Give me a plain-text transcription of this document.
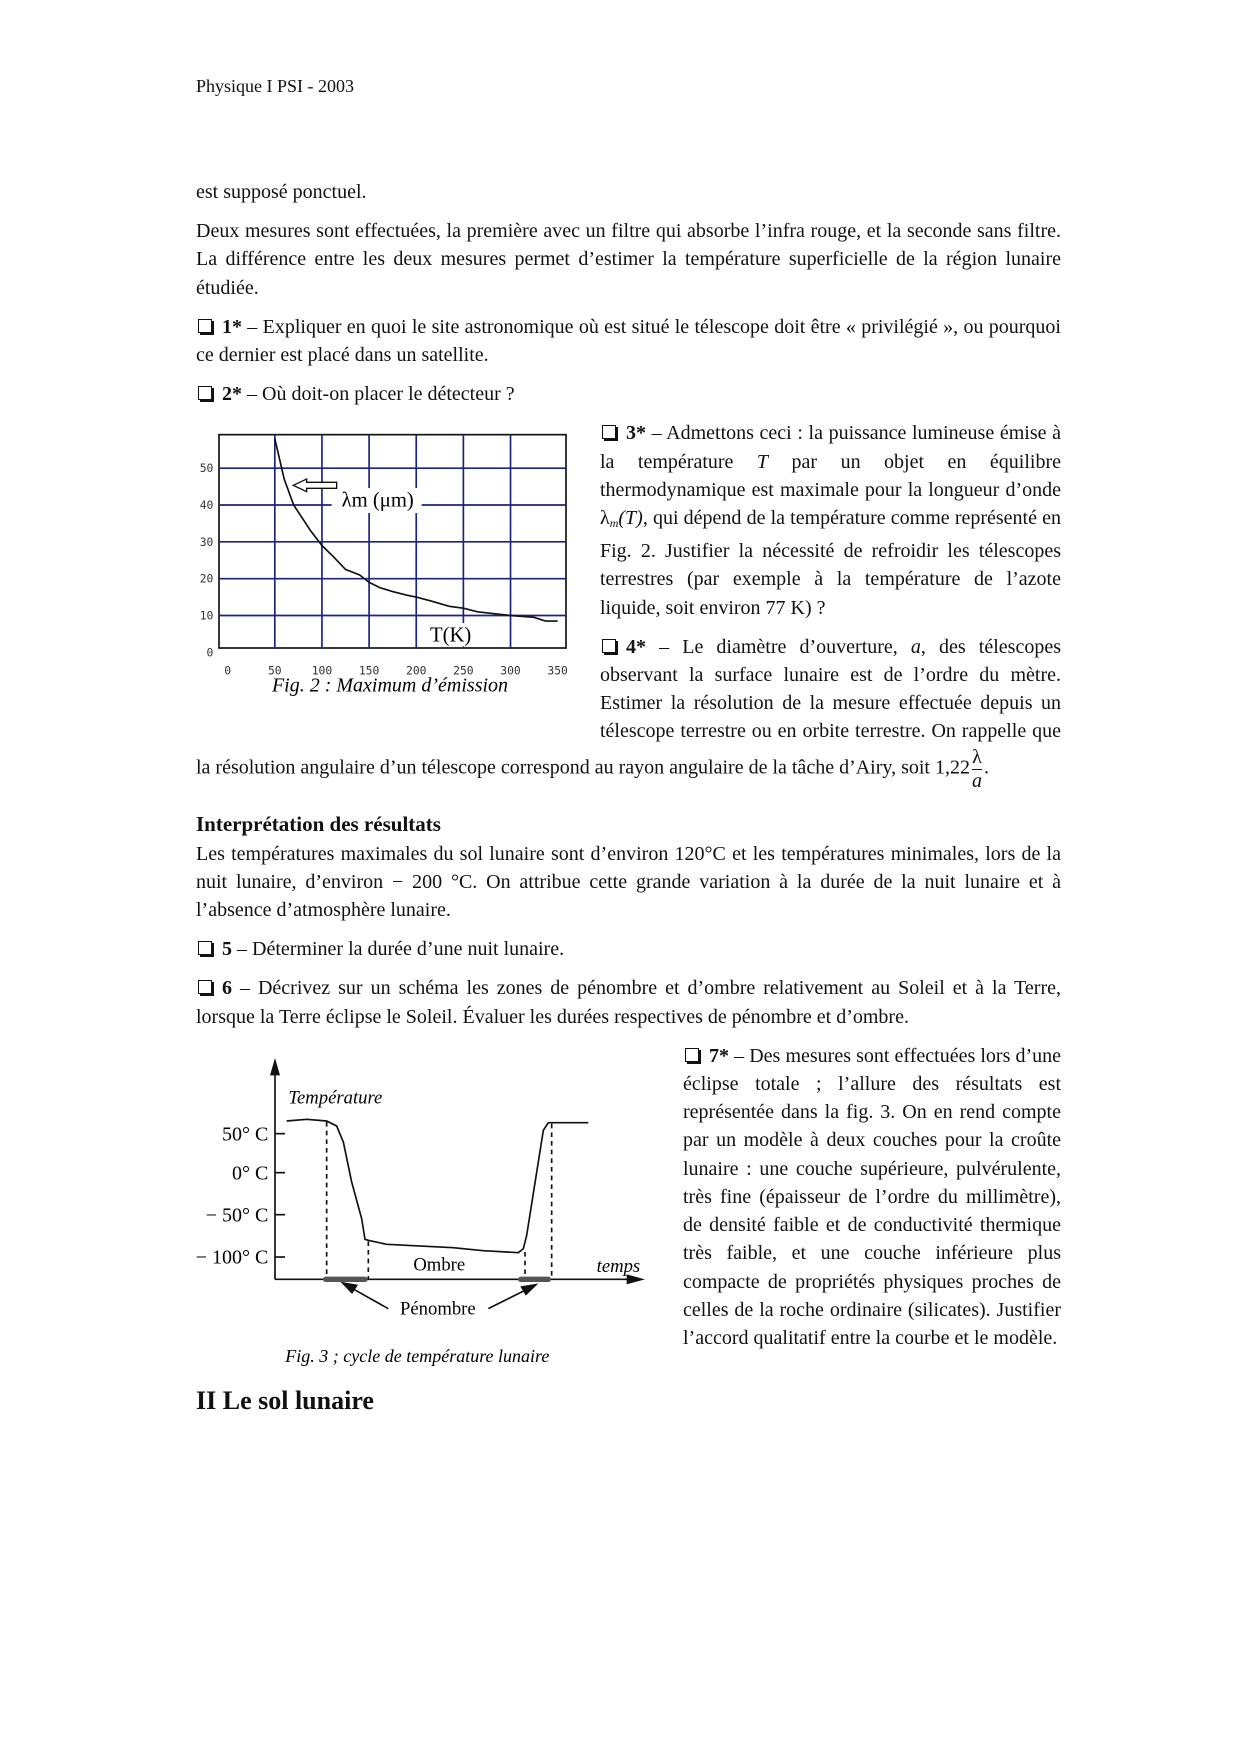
Physique I PSI - 2003

est supposé ponctuel.

Deux mesures sont effectuées, la première avec un filtre qui absorbe l’infra rouge, et la seconde sans filtre. La différence entre les deux mesures permet d’estimer la température superficielle de la région lunaire étudiée.

1* – Expliquer en quoi le site astronomique où est situé le télescope doit être « privilégié », ou pourquoi ce dernier est placé dans un satellite.

2* – Où doit-on placer le détecteur ?

0 50 100 150 200 250 300 350
0
10
20
30
40
50
λm (μm)
T(K)
Fig. 2 : Maximum d’émission

3* – Admettons ceci : la puissance lumineuse émise à la température T par un objet en équilibre thermodynamique est maximale pour la longueur d’onde $\lambda_m(T)$, qui dépend de la température comme représenté en Fig. 2. Justifier la nécessité de refroidir les télescopes terrestres (par exemple à la température de l’azote liquide, soit environ 77 K) ?

4* – Le diamètre d’ouverture, a, des télescopes observant la surface lunaire est de l’ordre du mètre. Estimer la résolution de la mesure effectuée depuis un télescope terrestre ou en orbite terrestre. On rappelle que la résolution angulaire d’un télescope correspond au rayon angulaire de la tâche d’Airy, soit $1,22 \frac{\lambda}{a}$ .

Interprétation des résultats

Les températures maximales du sol lunaire sont d’environ 120°C et les températures minimales, lors de la nuit lunaire, d’environ − 200 °C. On attribue cette grande variation à la durée de la nuit lunaire et à l’absence d’atmosphère lunaire.

5 – Déterminer la durée d’une nuit lunaire.

6 – Décrivez sur un schéma les zones de pénombre et d’ombre relativement au Soleil et à la Terre, lorsque la Terre éclipse le Soleil. Évaluer les durées respectives de pénombre et d’ombre.

50° C
0° C
− 50° C
− 100° C
Température
temps
Ombre
Pénombre
Fig. 3 ; cycle de température lunaire

7* – Des mesures sont effectuées lors d’une éclipse totale ; l’allure des résultats est représentée dans la fig. 3. On en rend compte par un modèle à deux couches pour la croûte lunaire : une couche supérieure, pulvérulente, très fine (épaisseur de l’ordre du millimètre), de densité faible et de conductivité thermique très faible, et une couche inférieure plus compacte de propriétés physiques proches de celles de la roche ordinaire (silicates). Justifier l’accord qualitatif entre la courbe et le modèle.

II Le sol lunaire
